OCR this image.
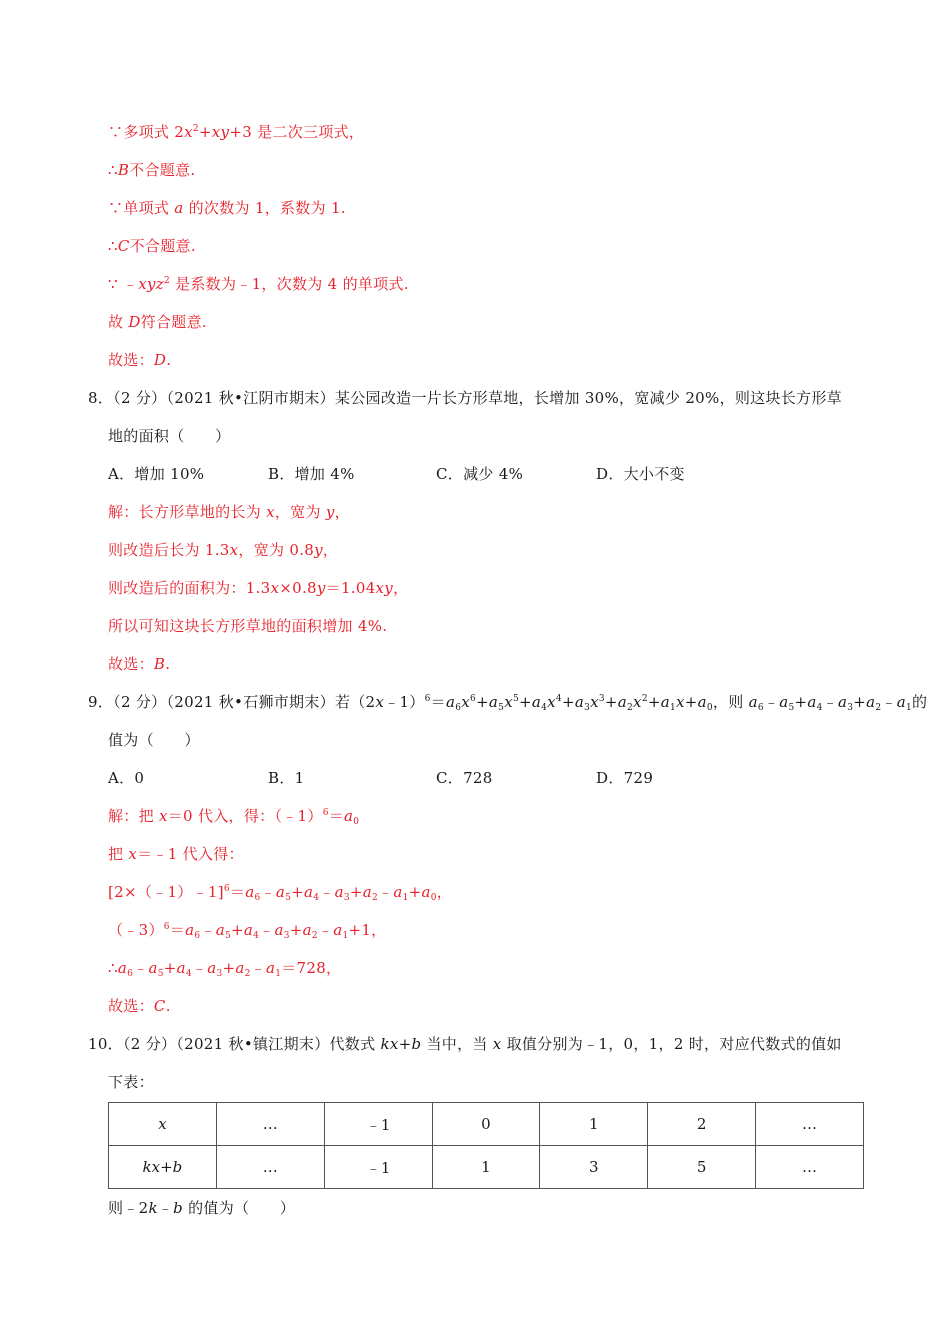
∵多项式 $2x^2+xy+3$ 是二次三项式，
∴B不合题意.
∵单项式 a 的次数为 1，系数为 1.
∴C不合题意.
∵ ﹣xyz$^2$ 是系数为﹣1，次数为 4 的单项式.
故 D符合题意.
故选：D.
8．（2 分）（2021 秋•江阴市期末）某公园改造一片长方形草地，长增加 30%，宽减少 20%，则这块长方形草
地的面积（　　）
A．增加 10%	B．增加 4%	C．减少 4%	D．大小不变
解：长方形草地的长为 x，宽为 y，
则改造后长为 1.3x，宽为 0.8y，
则改造后的面积为：1.3x×0.8y＝1.04xy，
所以可知这块长方形草地的面积增加 4%.
故选：B.
9．（2 分）（2021 秋•石狮市期末）若$(2x﹣1)^6=a_6x^6+a_5x^5+a_4x^4+a_3x^3+a_2x^2+a_1x+a_0$，则 $a_6﹣a_5+a_4﹣a_3+a_2﹣a_1$的
值为（　　）
A．0	B．1	C．728	D．729
解：把 x＝0 代入，得：$(﹣1)^6=a_0$
把 x＝﹣1 代入得：
$[2\times(﹣1)﹣1]^6=a_6﹣a_5+a_4﹣a_3+a_2﹣a_1+a_0$，
$(﹣3)^6=a_6﹣a_5+a_4﹣a_3+a_2﹣a_1+1$，
$\therefore a_6﹣a_5+a_4﹣a_3+a_2﹣a_1=728$，
故选：C.
10．（2 分）（2021 秋•镇江期末）代数式 kx+b 当中，当 x 取值分别为﹣1，0，1，2 时，对应代数式的值如
下表：
x	…	﹣1	0	1	2	…
kx+b	…	﹣1	1	3	5	…
则﹣2k﹣b 的值为（　　）
